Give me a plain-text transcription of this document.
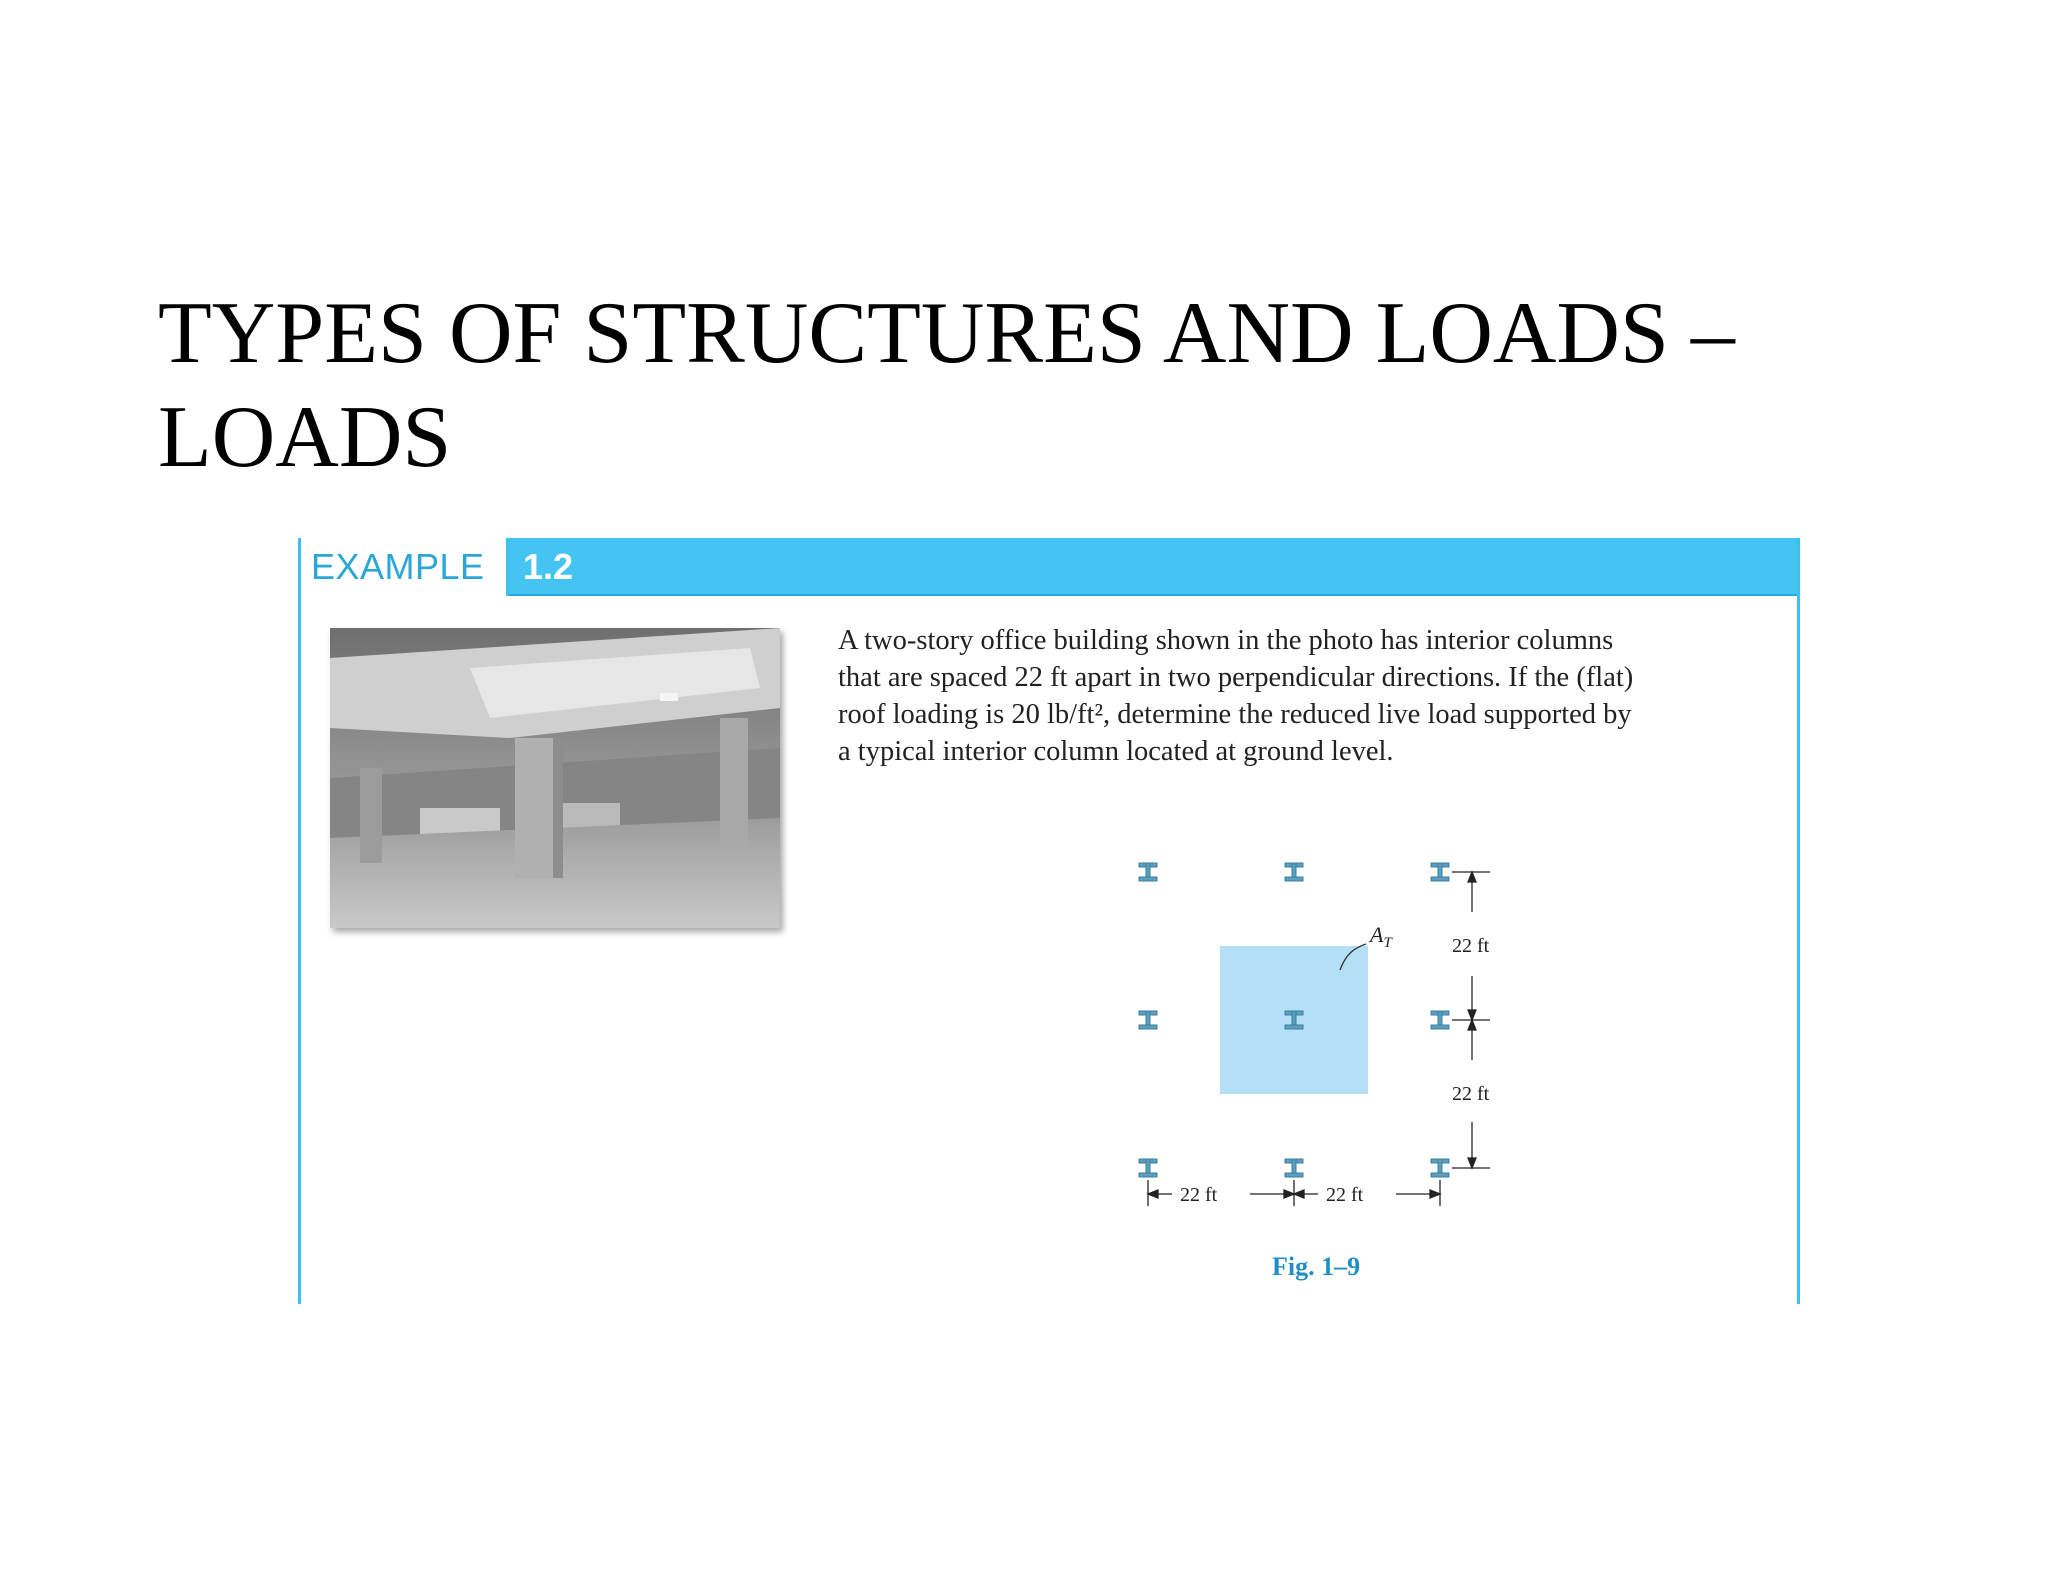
TYPES OF STRUCTURES AND LOADS –
LOADS
EXAMPLE	1.2

A two-story office building shown in the photo has interior columns
that are spaced 22 ft apart in two perpendicular directions. If the (flat)
roof loading is 20 lb/ft², determine the reduced live load supported by
a typical interior column located at ground level.

$A_T$	22 ft
22 ft
22 ft	22 ft
Fig. 1–9
